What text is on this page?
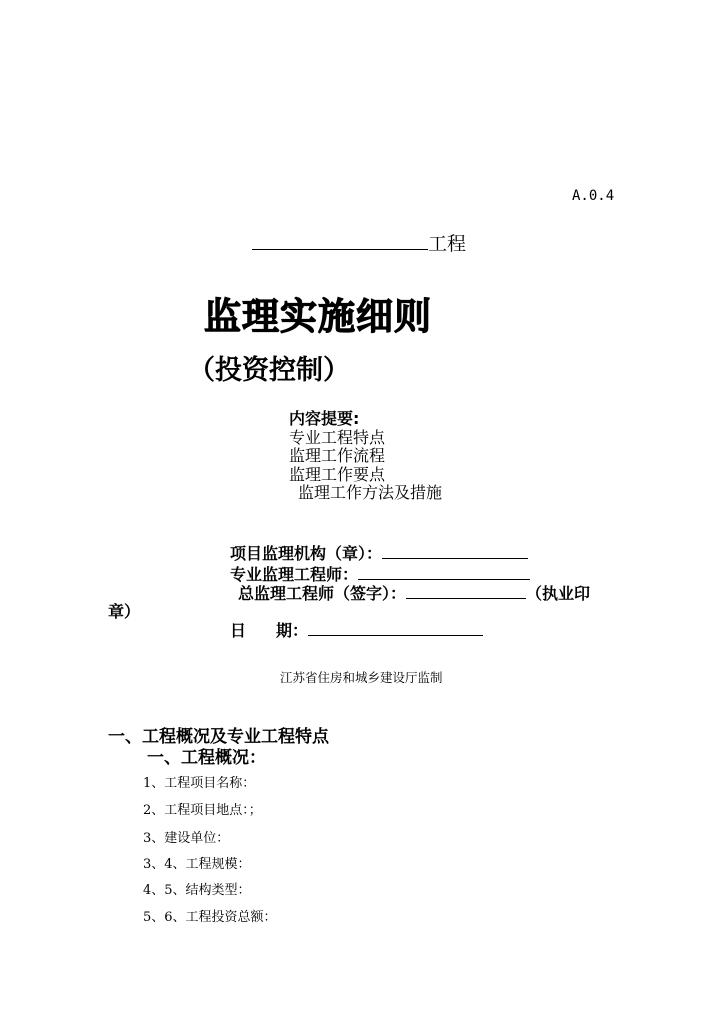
A.0.4
工程
监理实施细则
（投资控制）
内容提要:
专业工程特点
监理工作流程
监理工作要点
监理工作方法及措施
项目监理机构（章）：
专业监理工程师：
总监理工程师（签字）：	（执业印
章）
日 期：
江苏省住房和城乡建设厅监制
一、工程概况及专业工程特点
一、工程概况：
1、工程项目名称：
2、工程项目地点：；
3、建设单位：
3、4、工程规模：
4、5、结构类型：
5、6、工程投资总额：
